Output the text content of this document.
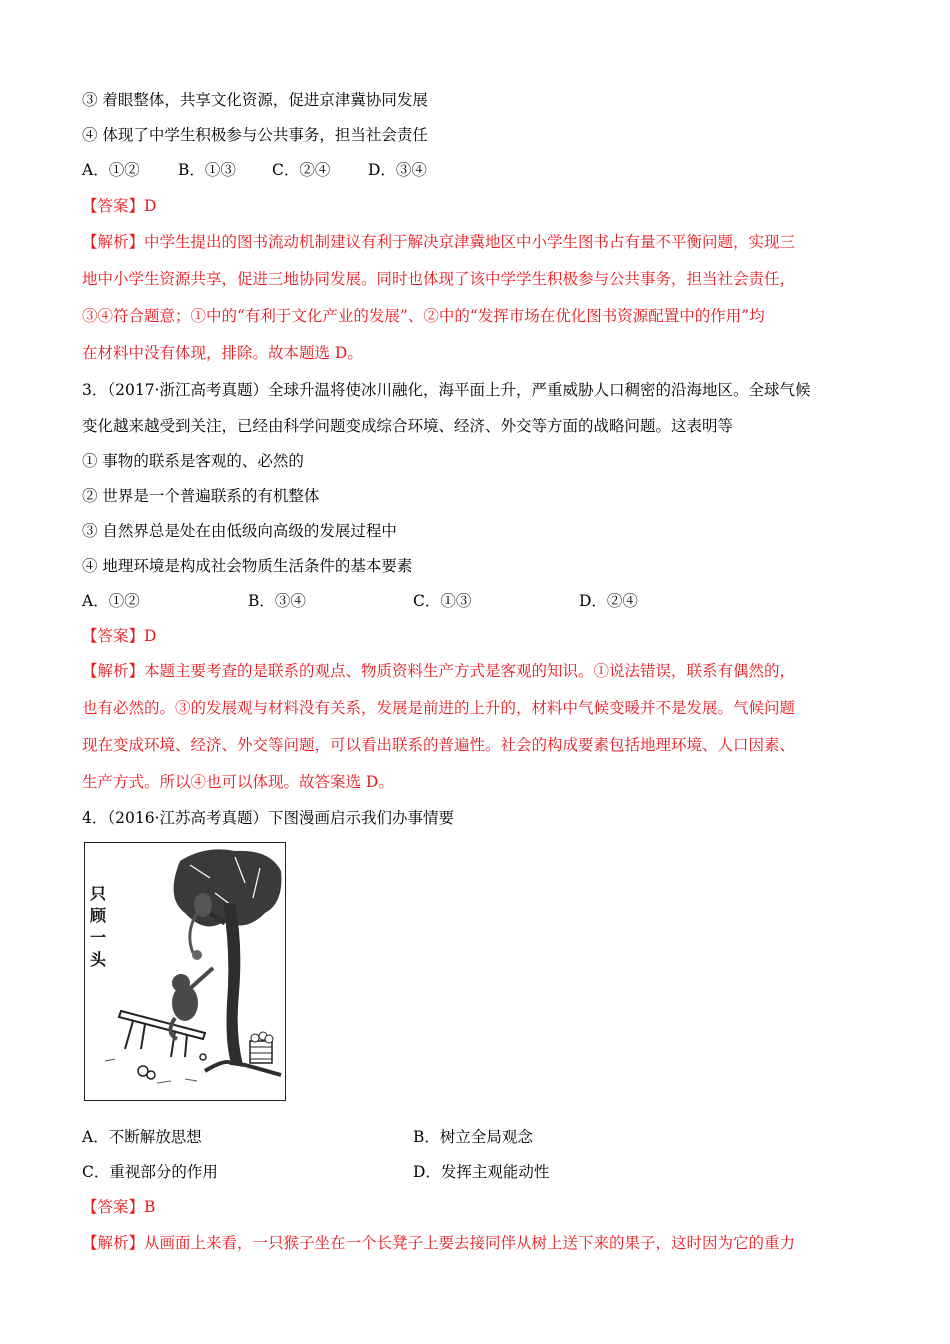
③ 着眼整体，共享文化资源，促进京津冀协同发展
④ 体现了中学生积极参与公共事务，担当社会责任
A．①② B．①③ C．②④ D．③④
【答案】D
【解析】中学生提出的图书流动机制建议有利于解决京津冀地区中小学生图书占有量不平衡问题，实现三
地中小学生资源共享，促进三地协同发展。同时也体现了该中学学生积极参与公共事务，担当社会责任，
③④符合题意；①中的“有利于文化产业的发展”、②中的“发挥市场在优化图书资源配置中的作用”均
在材料中没有体现，排除。故本题选 D。
3．（2017·浙江高考真题）全球升温将使冰川融化，海平面上升，严重威胁人口稠密的沿海地区。全球气候
变化越来越受到关注，已经由科学问题变成综合环境、经济、外交等方面的战略问题。这表明等
① 事物的联系是客观的、必然的
② 世界是一个普遍联系的有机整体
③ 自然界总是处在由低级向高级的发展过程中
④ 地理环境是构成社会物质生活条件的基本要素
A．①②	B．③④	C．①③	D．②④
【答案】D
【解析】本题主要考查的是联系的观点、物质资料生产方式是客观的知识。①说法错误，联系有偶然的，
也有必然的。③的发展观与材料没有关系，发展是前进的上升的，材料中气候变暖并不是发展。气候问题
现在变成环境、经济、外交等问题，可以看出联系的普遍性。社会的构成要素包括地理环境、人口因素、
生产方式。所以④也可以体现。故答案选 D。
4．（2016·江苏高考真题）下图漫画启示我们办事情要
只
顾
一
头
A．不断解放思想	B．树立全局观念
C．重视部分的作用	D．发挥主观能动性
【答案】B
【解析】从画面上来看，一只猴子坐在一个长凳子上要去接同伴从树上送下来的果子，这时因为它的重力
